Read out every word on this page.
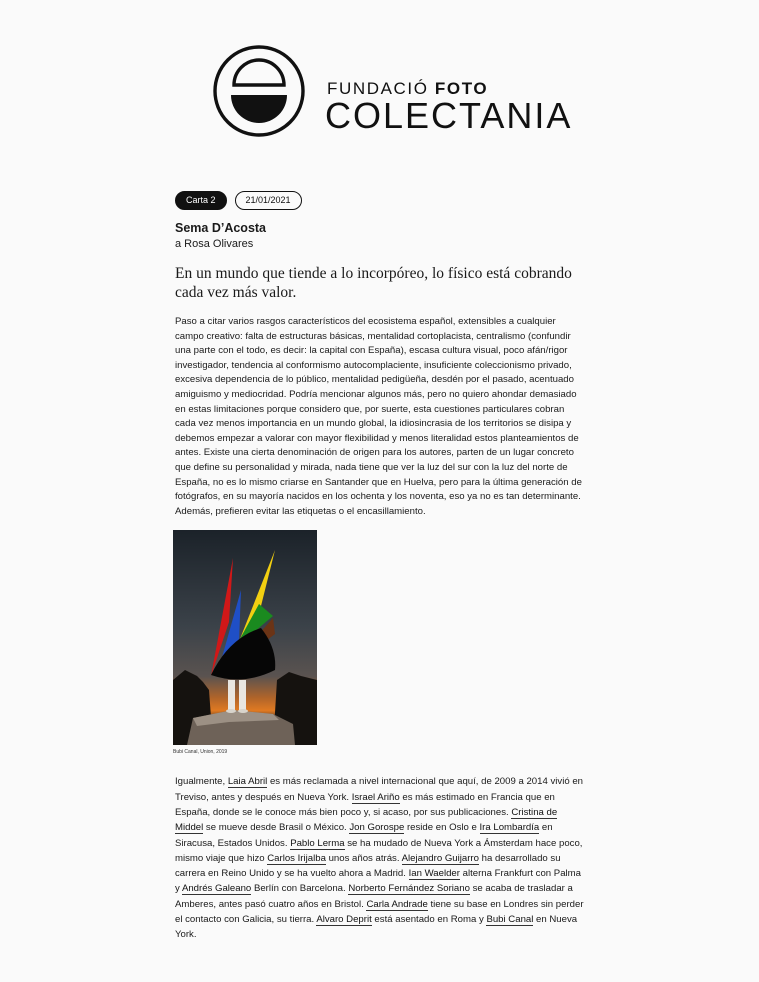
FUNDACIÓ FOTO

COLECTANIA
Carta 2	21/01/2021

Sema D’Acosta

a Rosa Olivares

En un mundo que tiende a lo incorpóreo, lo físico está cobrando cada vez más valor.

Paso a citar varios rasgos característicos del ecosistema español, extensibles a cualquier campo creativo: falta de estructuras básicas, mentalidad cortoplacista, centralismo (confundir una parte con el todo, es decir: la capital con España), escasa cultura visual, poco afán/rigor investigador, tendencia al conformismo autocomplaciente, insuficiente coleccionismo privado, excesiva dependencia de lo público, mentalidad pedigüeña, desdén por el pasado, acentuado amiguismo y mediocridad. Podría mencionar algunos más, pero no quiero ahondar demasiado en estas limitaciones porque considero que, por suerte, esta cuestiones particulares cobran cada vez menos importancia en un mundo global, la idiosincrasia de los territorios se disipa y debemos empezar a valorar con mayor flexibilidad y menos literalidad estos planteamientos de antes. Existe una cierta denominación de origen para los autores, parten de un lugar concreto que define su personalidad y mirada, nada tiene que ver la luz del sur con la luz del norte de España, no es lo mismo criarse en Santander que en Huelva, pero para la última generación de fotógrafos, en su mayoría nacidos en los ochenta y los noventa, eso ya no es tan determinante. Además, prefieren evitar las etiquetas o el encasillamiento.

Bubi Canal, Union, 2019

Igualmente, Laia Abril es más reclamada a nivel internacional que aquí, de 2009 a 2014 vivió en Treviso, antes y después en Nueva York. Israel Ariño es más estimado en Francia que en España, donde se le conoce más bien poco y, si acaso, por sus publicaciones. Cristina de Middel se mueve desde Brasil o México. Jon Gorospe reside en Oslo e Ira Lombardía en Siracusa, Estados Unidos. Pablo Lerma se ha mudado de Nueva York a Ámsterdam hace poco, mismo viaje que hizo Carlos Irijalba unos años atrás. Alejandro Guijarro ha desarrollado su carrera en Reino Unido y se ha vuelto ahora a Madrid. Ian Waelder alterna Frankfurt con Palma y Andrés Galeano Berlín con Barcelona. Norberto Fernández Soriano se acaba de trasladar a Amberes, antes pasó cuatro años en Bristol. Carla Andrade tiene su base en Londres sin perder el contacto con Galicia, su tierra. Alvaro Deprit está asentado en Roma y Bubi Canal en Nueva York.
